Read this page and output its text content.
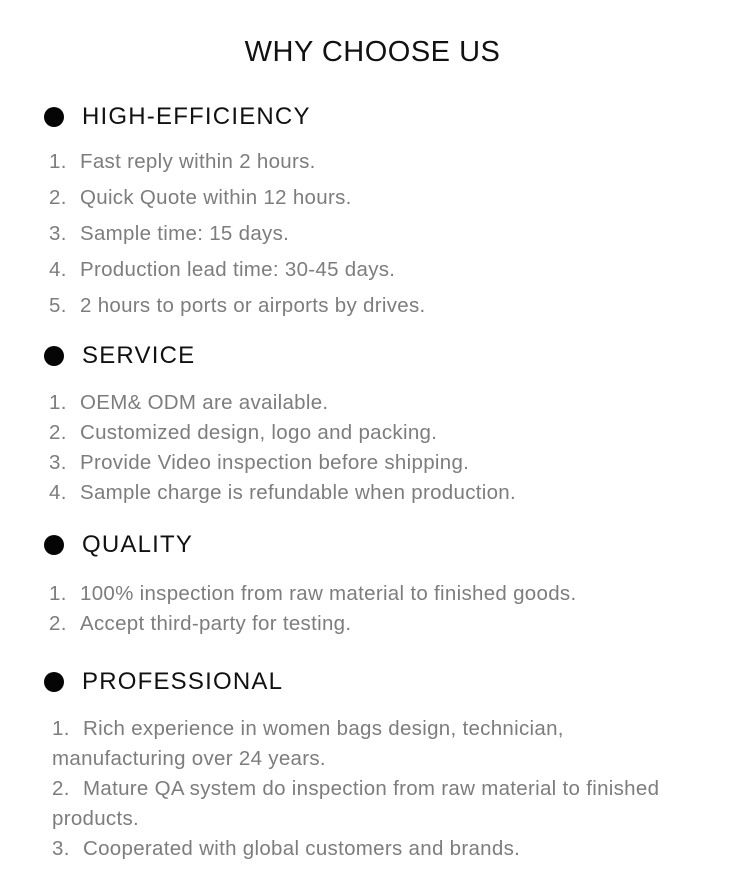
WHY CHOOSE US
HIGH-EFFICIENCY
1. Fast reply within 2 hours.
2. Quick Quote within 12 hours.
3. Sample time: 15 days.
4. Production lead time: 30-45 days.
5. 2 hours to ports or airports by drives.
SERVICE
1. OEM& ODM are available.
2. Customized design, logo and packing.
3. Provide Video inspection before shipping.
4. Sample charge is refundable when production.
QUALITY
1. 100% inspection from raw material to finished goods.
2. Accept third-party for testing.
PROFESSIONAL
1. Rich experience in women bags design, technician, manufacturing over 24 years.
2. Mature QA system do inspection from raw material to finished products.
3. Cooperated with global customers and brands.
